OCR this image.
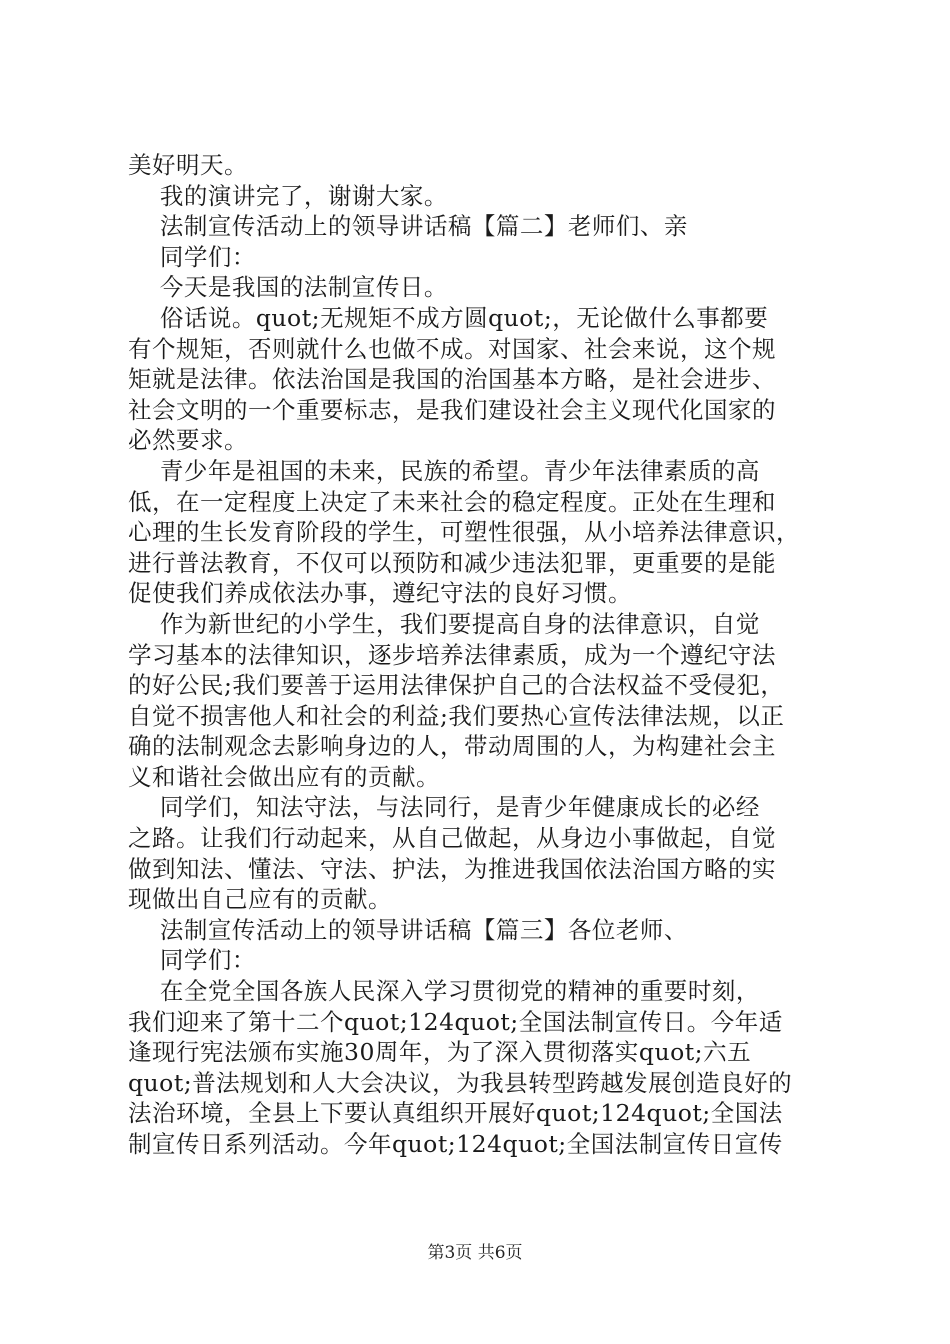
美好明天。
我的演讲完了，谢谢大家。
法制宣传活动上的领导讲话稿【篇二】老师们、亲
同学们：
今天是我国的法制宣传日。
俗话说。quot;无规矩不成方圆quot;，无论做什么事都要
有个规矩，否则就什么也做不成。对国家、社会来说，这个规
矩就是法律。依法治国是我国的治国基本方略，是社会进步、
社会文明的一个重要标志，是我们建设社会主义现代化国家的
必然要求。
青少年是祖国的未来，民族的希望。青少年法律素质的高
低，在一定程度上决定了未来社会的稳定程度。正处在生理和
心理的生长发育阶段的学生，可塑性很强，从小培养法律意识，
进行普法教育，不仅可以预防和减少违法犯罪，更重要的是能
促使我们养成依法办事，遵纪守法的良好习惯。
作为新世纪的小学生，我们要提高自身的法律意识，自觉
学习基本的法律知识，逐步培养法律素质，成为一个遵纪守法
的好公民;我们要善于运用法律保护自己的合法权益不受侵犯，
自觉不损害他人和社会的利益;我们要热心宣传法律法规，以正
确的法制观念去影响身边的人，带动周围的人，为构建社会主
义和谐社会做出应有的贡献。
同学们，知法守法，与法同行，是青少年健康成长的必经
之路。让我们行动起来，从自己做起，从身边小事做起，自觉
做到知法、懂法、守法、护法，为推进我国依法治国方略的实
现做出自己应有的贡献。
法制宣传活动上的领导讲话稿【篇三】各位老师、
同学们：
在全党全国各族人民深入学习贯彻党的精神的重要时刻，
我们迎来了第十二个quot;124quot;全国法制宣传日。今年适
逢现行宪法颁布实施30周年，为了深入贯彻落实quot;六五
quot;普法规划和人大会决议，为我县转型跨越发展创造良好的
法治环境，全县上下要认真组织开展好quot;124quot;全国法
制宣传日系列活动。今年quot;124quot;全国法制宣传日宣传
第3页 共6页
